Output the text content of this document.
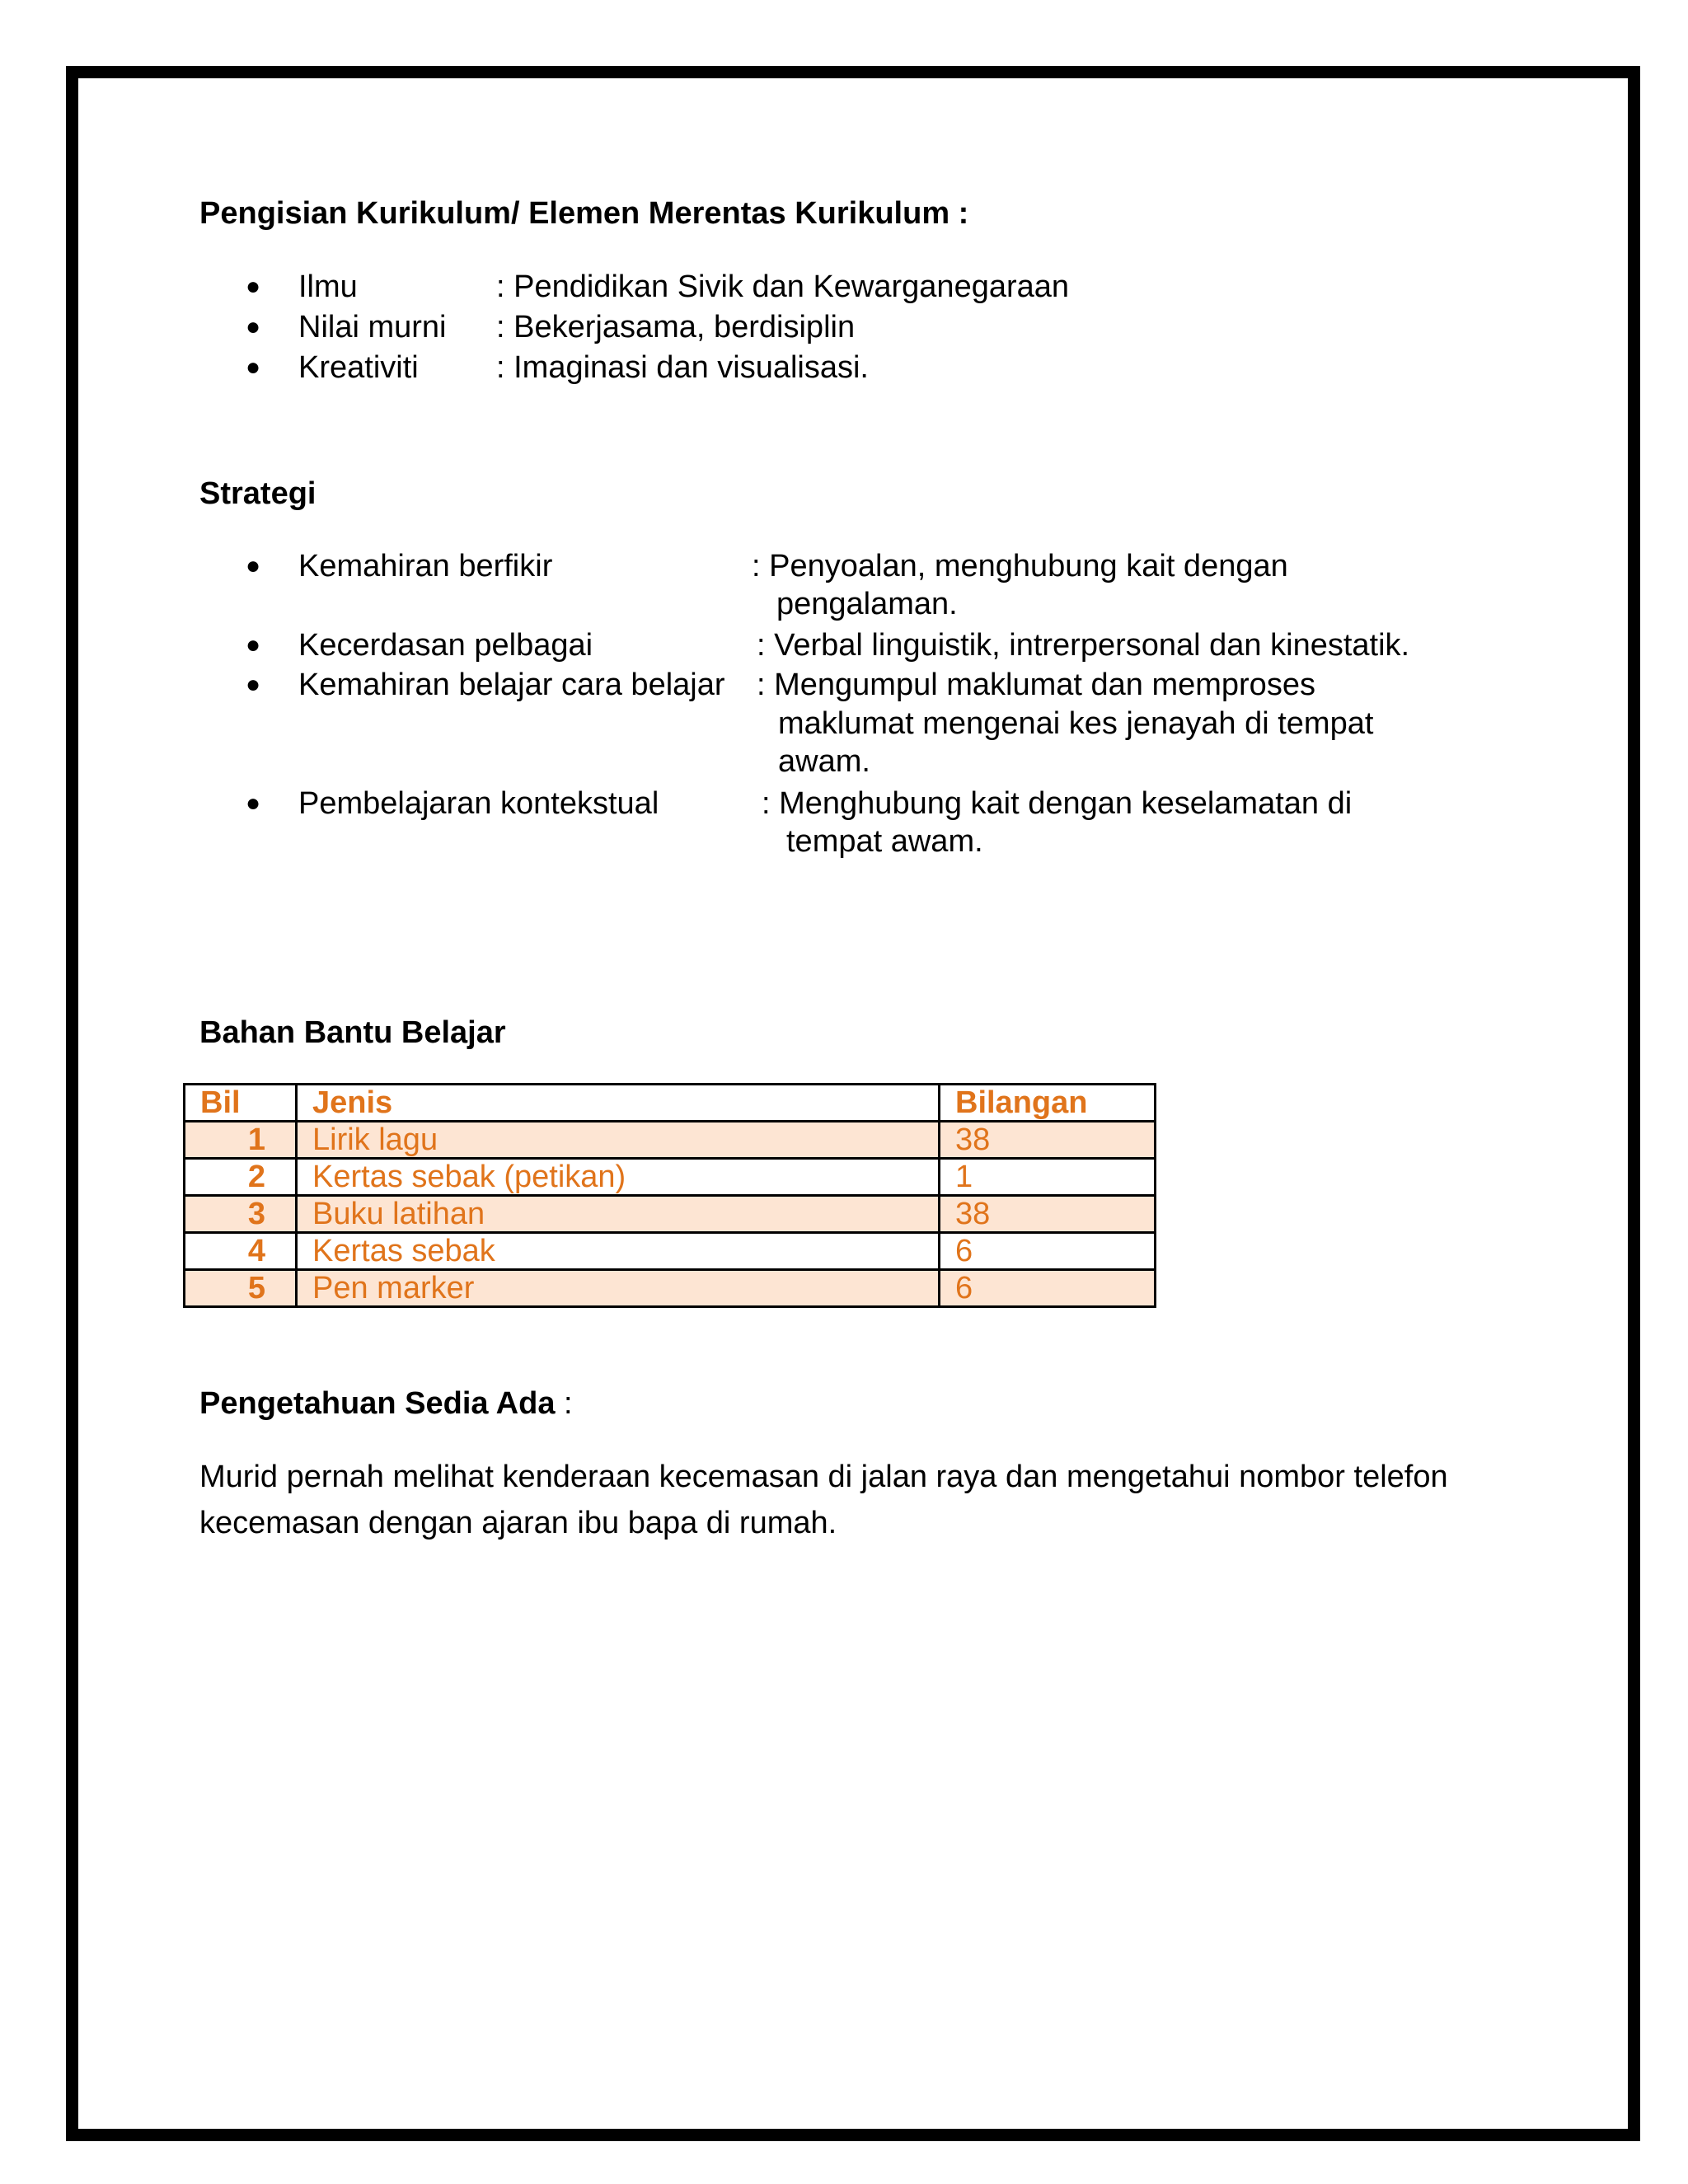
Pengisian Kurikulum/ Elemen Merentas Kurikulum :
● Ilmu	: Pendidikan Sivik dan Kewarganegaraan
● Nilai murni : Bekerjasama, berdisiplin
● Kreativiti : Imaginasi dan visualisasi.
Strategi
● Kemahiran berfikir	: Penyoalan, menghubung kait dengan
pengalaman.
● Kecerdasan pelbagai	: Verbal linguistik, intrerpersonal dan kinestatik.
● Kemahiran belajar cara belajar : Mengumpul maklumat dan memproses
maklumat mengenai kes jenayah di tempat
awam.
● Pembelajaran kontekstual	: Menghubung kait dengan keselamatan di
tempat awam.
Bahan Bantu Belajar
Bil	Jenis	Bilangan
1	Lirik lagu	38
2	Kertas sebak (petikan)	1
3	Buku latihan	38
4	Kertas sebak	6
5	Pen marker	6
Pengetahuan Sedia Ada :
Murid pernah melihat kenderaan kecemasan di jalan raya dan mengetahui nombor telefon kecemasan dengan ajaran ibu bapa di rumah.
